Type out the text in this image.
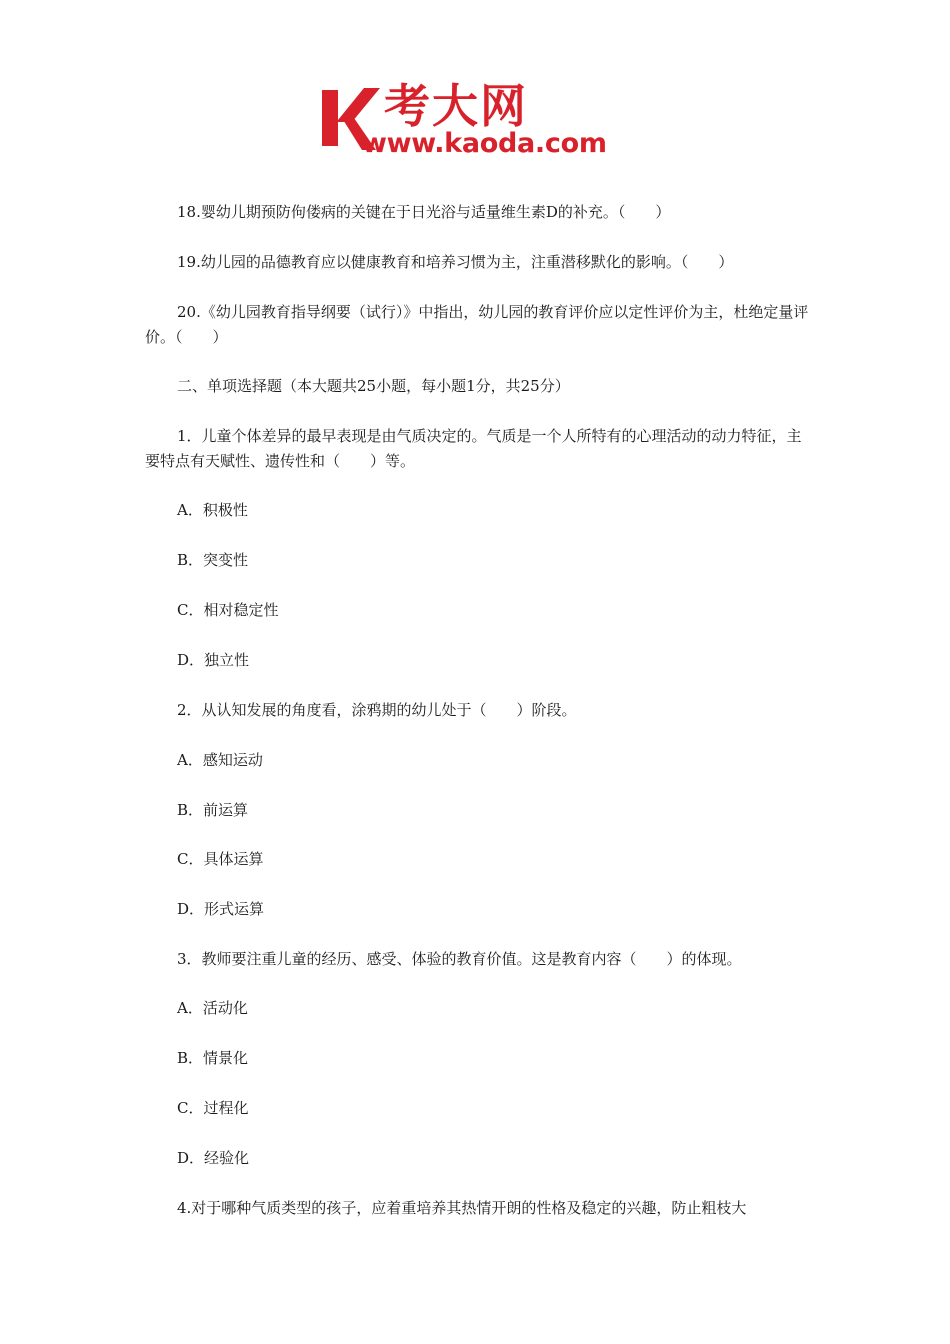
考大网
www.kaoda.com
18.婴幼儿期预防佝偻病的关键在于日光浴与适量维生素D的补充。（　　）
19.幼儿园的品德教育应以健康教育和培养习惯为主，注重潜移默化的影响。（　　）
20.《幼儿园教育指导纲要（试行）》中指出，幼儿园的教育评价应以定性评价为主，杜绝定量评价。（　　）
二、单项选择题（本大题共25小题，每小题1分，共25分）
1．儿童个体差异的最早表现是由气质决定的。气质是一个人所特有的心理活动的动力特征，主要特点有天赋性、遗传性和（　　）等。
A．积极性
B．突变性
C．相对稳定性
D．独立性
2．从认知发展的角度看，涂鸦期的幼儿处于（　　）阶段。
A．感知运动
B．前运算
C．具体运算
D．形式运算
3．教师要注重儿童的经历、感受、体验的教育价值。这是教育内容（　　）的体现。
A．活动化
B．情景化
C．过程化
D．经验化
4.对于哪种气质类型的孩子，应着重培养其热情开朗的性格及稳定的兴趣，防止粗枝大
